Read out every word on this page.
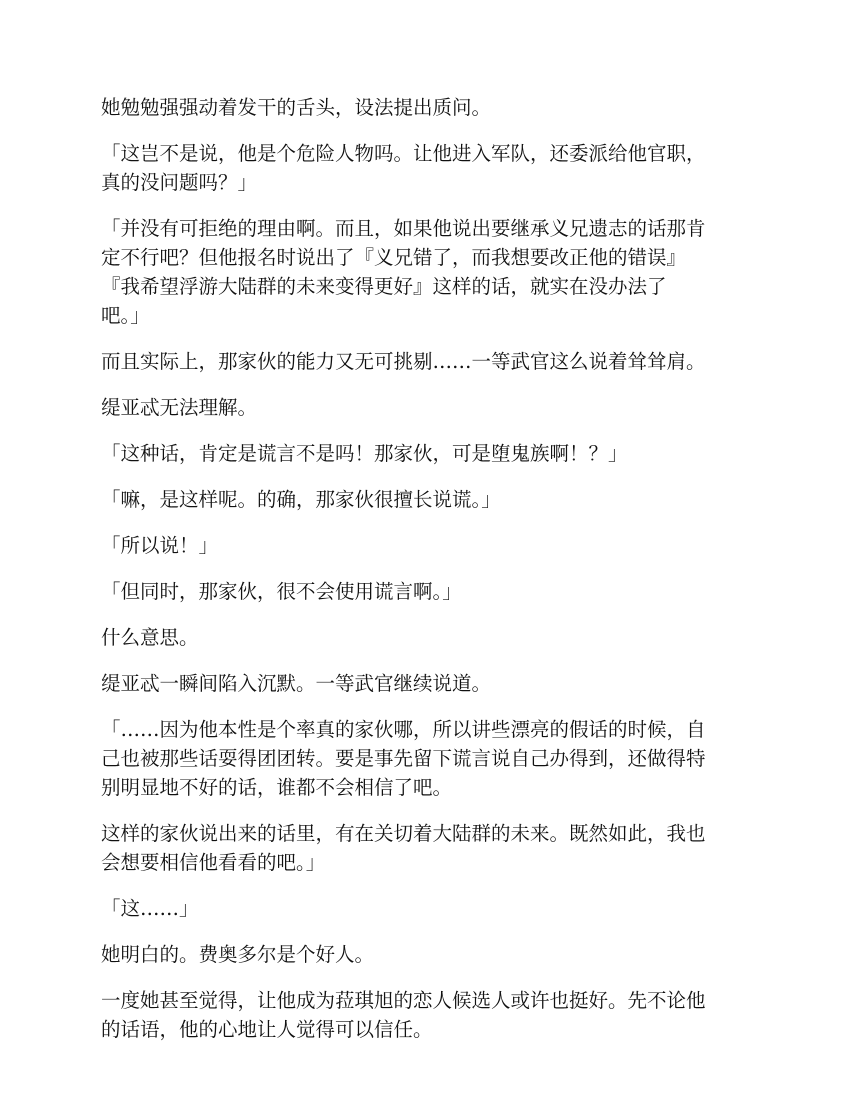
她勉勉强强动着发干的舌头，设法提出质问。

「这岂不是说，他是个危险人物吗。让他进入军队，还委派给他官职，
真的没问题吗？」

「并没有可拒绝的理由啊。而且，如果他说出要继承义兄遗志的话那肯
定不行吧？但他报名时说出了『义兄错了，而我想要改正他的错误』
『我希望浮游大陆群的未来变得更好』这样的话，就实在没办法了
吧。」

而且实际上，那家伙的能力又无可挑剔……一等武官这么说着耸耸肩。

缇亚忒无法理解。

「这种话，肯定是谎言不是吗！那家伙，可是堕鬼族啊！？」

「嘛，是这样呢。的确，那家伙很擅长说谎。」

「所以说！」

「但同时，那家伙，很不会使用谎言啊。」

什么意思。

缇亚忒一瞬间陷入沉默。一等武官继续说道。

「……因为他本性是个率真的家伙哪，所以讲些漂亮的假话的时候，自
己也被那些话耍得团团转。要是事先留下谎言说自己办得到，还做得特
别明显地不好的话，谁都不会相信了吧。

这样的家伙说出来的话里，有在关切着大陆群的未来。既然如此，我也
会想要相信他看看的吧。」

「这……」

她明白的。费奥多尔是个好人。

一度她甚至觉得，让他成为菈琪旭的恋人候选人或许也挺好。先不论他
的话语，他的心地让人觉得可以信任。
